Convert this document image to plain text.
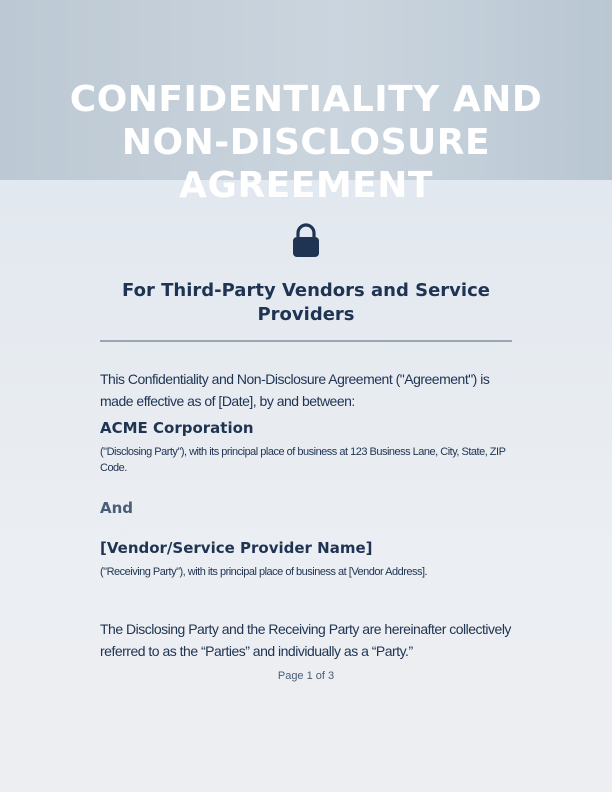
CONFIDENTIALITY AND NON-DISCLOSURE AGREEMENT
For Third-Party Vendors and Service Providers

This Confidentiality and Non-Disclosure Agreement ("Agreement") is made effective as of [Date], by and between:

ACME Corporation

("Disclosing Party"), with its principal place of business at 123 Business Lane, City, State, ZIP Code.

And
[Vendor/Service Provider Name]

("Receiving Party"), with its principal place of business at [Vendor Address].

The Disclosing Party and the Receiving Party are hereinafter collectively referred to as the “Parties” and individually as a “Party.”

Page 1 of 3
